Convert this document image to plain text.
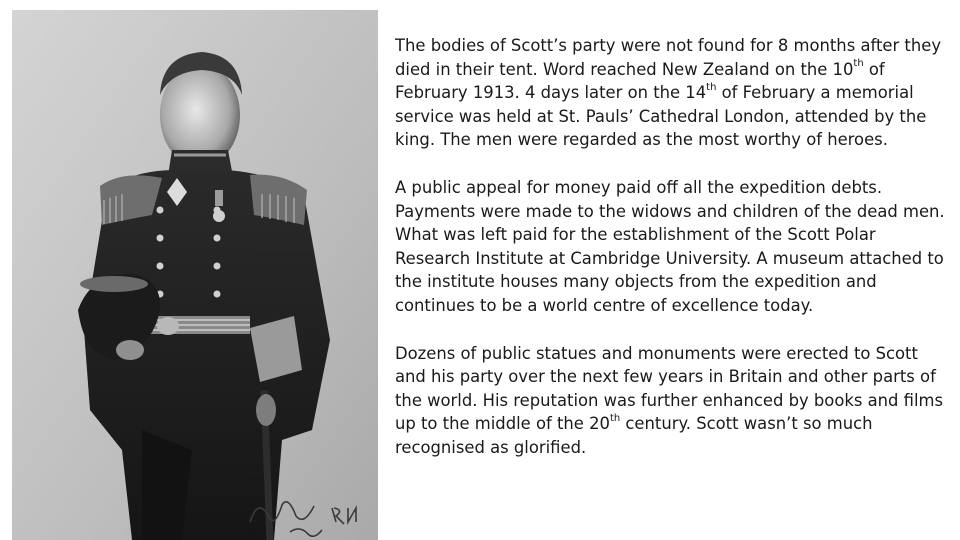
The bodies of Scott’s party were not found for 8 months after they died in their tent. Word reached New Zealand on the 10th of February 1913. 4 days later on the 14th of February a memorial service was held at St. Pauls’ Cathedral London, attended by the king. The men were regarded as the most worthy of heroes.

A public appeal for money paid off all the expedition debts. Payments were made to the widows and children of the dead men. What was left paid for the establishment of the Scott Polar Research Institute at Cambridge University. A museum attached to the institute houses many objects from the expedition and continues to be a world centre of excellence today.

Dozens of public statues and monuments were erected to Scott and his party over the next few years in Britain and other parts of the world. His reputation was further enhanced by books and films up to the middle of the 20th century. Scott wasn’t so much recognised as glorified.
